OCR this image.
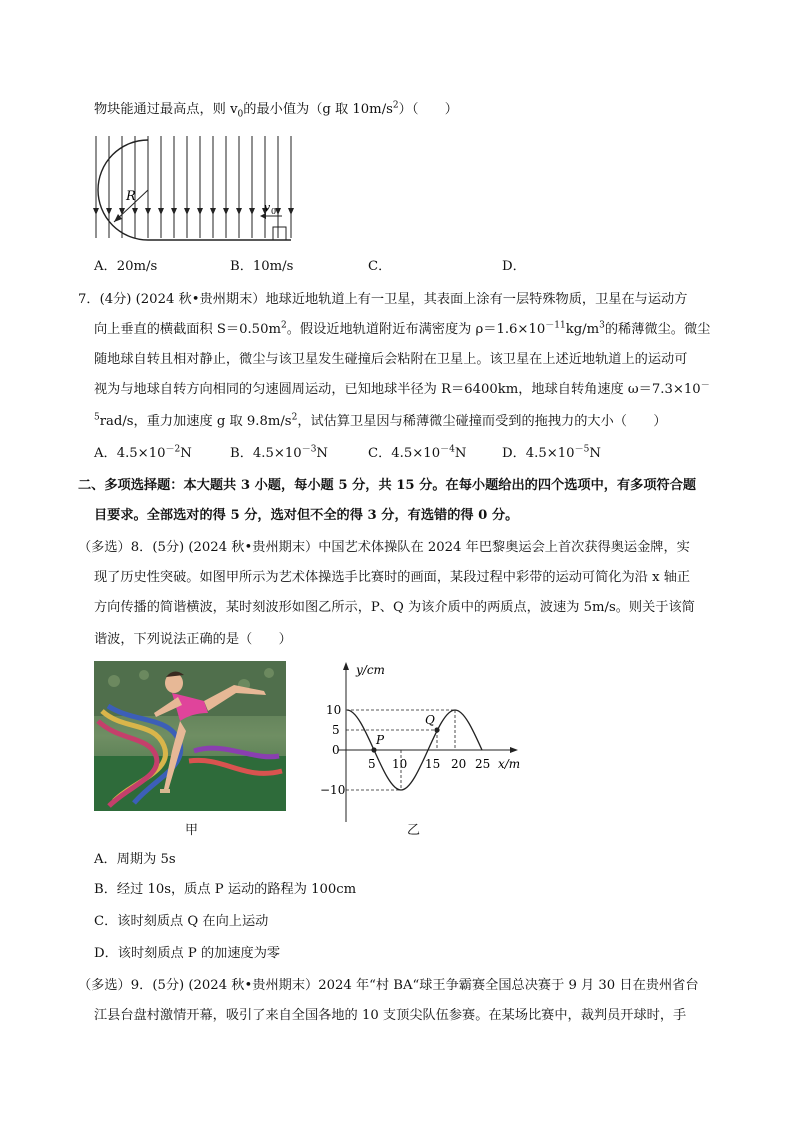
物块能通过最高点，则 $v_0$的最小值为（g 取 $10m/s^2$）（　　）
R
v 0
A．20m/s	B．10m/s	C．	D．
7．(4分) (2024 秋•贵州期末）地球近地轨道上有一卫星，其表面上涂有一层特殊物质，卫星在与运动方
向上垂直的横截面积 $S=0.50m^2$。假设近地轨道附近布满密度为 $\rho=1.6\times 10^{-11}kg/m^3$的稀薄微尘。微尘
随地球自转且相对静止，微尘与该卫星发生碰撞后会粘附在卫星上。该卫星在上述近地轨道上的运动可
视为与地球自转方向相同的匀速圆周运动，已知地球半径为 R＝6400km，地球自转角速度 ω＝7.3×10－
$^5$rad/s，重力加速度 g 取 $9.8m/s^2$，试估算卫星因与稀薄微尘碰撞而受到的拖拽力的大小（　　）
A．$4.5\times 10^{-2}N$	B．$4.5\times 10^{-3}N$	C．$4.5\times 10^{-4}N$	D．$4.5\times 10^{-5}N$
二、多项选择题：本大题共 3 小题，每小题 5 分，共 15 分。在每小题给出的四个选项中，有多项符合题
目要求。全部选对的得 5 分，选对但不全的得 3 分，有选错的得 0 分。
（多选）8．(5分) (2024 秋•贵州期末）中国艺术体操队在 2024 年巴黎奥运会上首次获得奥运金牌，实
现了历史性突破。如图甲所示为艺术体操选手比赛时的画面，某段过程中彩带的运动可简化为沿 x 轴正
方向传播的简谐横波，某时刻波形如图乙所示，P、Q 为该介质中的两质点，波速为 5m/s。则关于该简
谐波，下列说法正确的是（　　）
甲
y/cm
x/m
10
5
0
−10
5 10 15 20 25
P
Q
乙
A．周期为 5s
B．经过 10s，质点 P 运动的路程为 100cm
C．该时刻质点 Q 在向上运动
D．该时刻质点 P 的加速度为零
（多选）9．(5分) (2024 秋•贵州期末）2024 年“村 BA“球王争霸赛全国总决赛于 9 月 30 日在贵州省台
江县台盘村激情开幕，吸引了来自全国各地的 10 支顶尖队伍参赛。在某场比赛中，裁判员开球时，手
